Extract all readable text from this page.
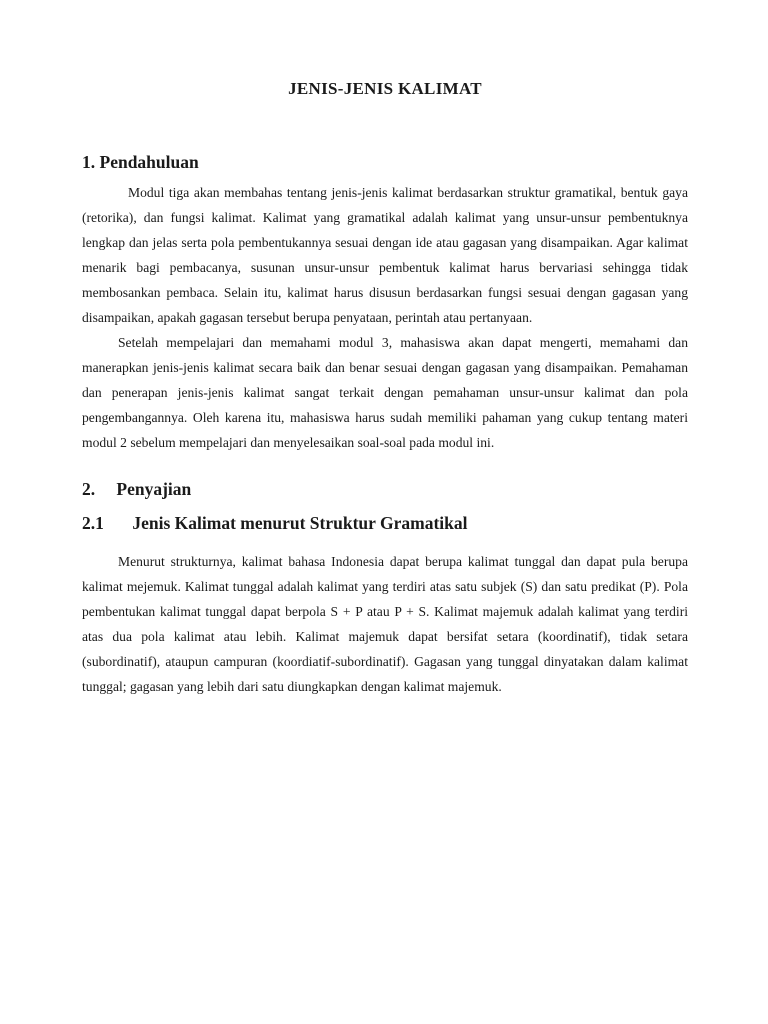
JENIS-JENIS KALIMAT
1. Pendahuluan

Modul tiga akan membahas tentang jenis-jenis kalimat berdasarkan struktur gramatikal, bentuk gaya (retorika), dan fungsi kalimat. Kalimat yang gramatikal adalah kalimat yang unsur-unsur pembentuknya lengkap dan jelas serta pola pembentukannya sesuai dengan ide atau gagasan yang disampaikan. Agar kalimat menarik bagi pembacanya, susunan unsur-unsur pembentuk kalimat harus bervariasi sehingga tidak membosankan pembaca. Selain itu, kalimat harus disusun berdasarkan fungsi sesuai dengan gagasan yang disampaikan, apakah gagasan tersebut berupa penyataan, perintah atau pertanyaan.

Setelah mempelajari dan memahami modul 3, mahasiswa akan dapat mengerti, memahami dan manerapkan jenis-jenis kalimat secara baik dan benar sesuai dengan gagasan yang disampaikan. Pemahaman dan penerapan jenis-jenis kalimat sangat terkait dengan pemahaman unsur-unsur kalimat dan pola pengembangannya. Oleh karena itu, mahasiswa harus sudah memiliki pahaman yang cukup tentang materi modul 2 sebelum mempelajari dan menyelesaikan soal-soal pada modul ini.

2. Penyajian
2.1 Jenis Kalimat menurut Struktur Gramatikal

Menurut strukturnya, kalimat bahasa Indonesia dapat berupa kalimat tunggal dan dapat pula berupa kalimat mejemuk. Kalimat tunggal adalah kalimat yang terdiri atas satu subjek (S) dan satu predikat (P). Pola pembentukan kalimat tunggal dapat berpola S + P atau P + S. Kalimat majemuk adalah kalimat yang terdiri atas dua pola kalimat atau lebih. Kalimat majemuk dapat bersifat setara (koordinatif), tidak setara (subordinatif), ataupun campuran (koordiatif-subordinatif). Gagasan yang tunggal dinyatakan dalam kalimat tunggal; gagasan yang lebih dari satu diungkapkan dengan kalimat majemuk.
